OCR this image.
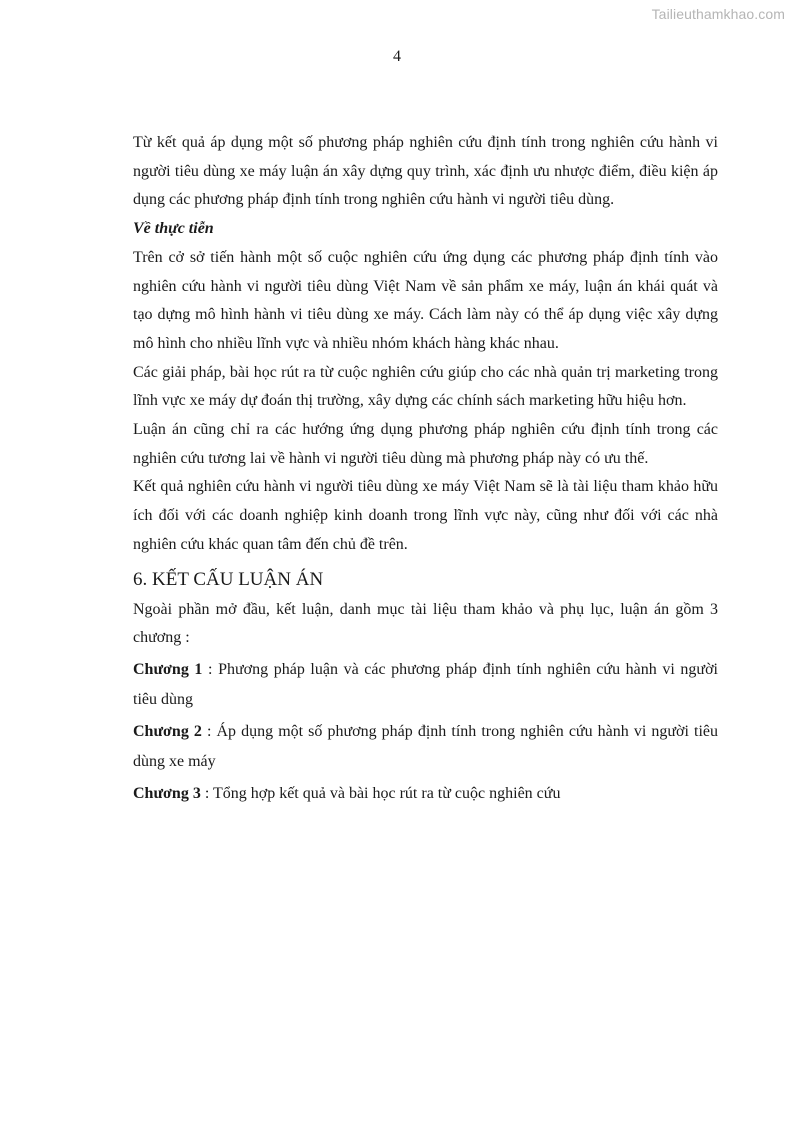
Tailieuthamkhao.com
4

Từ kết quả áp dụng một số phương pháp nghiên cứu định tính trong nghiên cứu hành vi người tiêu dùng xe máy luận án xây dựng quy trình, xác định ưu nhược điểm, điều kiện áp dụng các phương pháp định tính trong nghiên cứu hành vi người tiêu dùng.

Về thực tiễn

Trên cở sở tiến hành một số cuộc nghiên cứu ứng dụng các phương pháp định tính vào nghiên cứu hành vi người tiêu dùng Việt Nam về sản phẩm xe máy, luận án khái quát và tạo dựng mô hình hành vi tiêu dùng xe máy. Cách làm này có thể áp dụng việc xây dựng mô hình cho nhiều lĩnh vực và nhiều nhóm khách hàng khác nhau.

Các giải pháp, bài học rút ra từ cuộc nghiên cứu giúp cho các nhà quản trị marketing trong lĩnh vực xe máy dự đoán thị trường, xây dựng các chính sách marketing hữu hiệu hơn.

Luận án cũng chỉ ra các hướng ứng dụng phương pháp nghiên cứu định tính trong các nghiên cứu tương lai về hành vi người tiêu dùng mà phương pháp này có ưu thế.

Kết quả nghiên cứu hành vi người tiêu dùng xe máy Việt Nam sẽ là tài liệu tham khảo hữu ích đối với các doanh nghiệp kinh doanh trong lĩnh vực này, cũng như đối với các nhà nghiên cứu khác quan tâm đến chủ đề trên.

6. KẾT CẤU LUẬN ÁN

Ngoài phần mở đầu, kết luận, danh mục tài liệu tham khảo và phụ lục, luận án gồm 3 chương :

Chương 1 : Phương pháp luận và các phương pháp định tính nghiên cứu hành vi người tiêu dùng

Chương 2 : Áp dụng một số phương pháp định tính trong nghiên cứu hành vi người tiêu dùng xe máy

Chương 3 : Tổng hợp kết quả và bài học rút ra từ cuộc nghiên cứu
